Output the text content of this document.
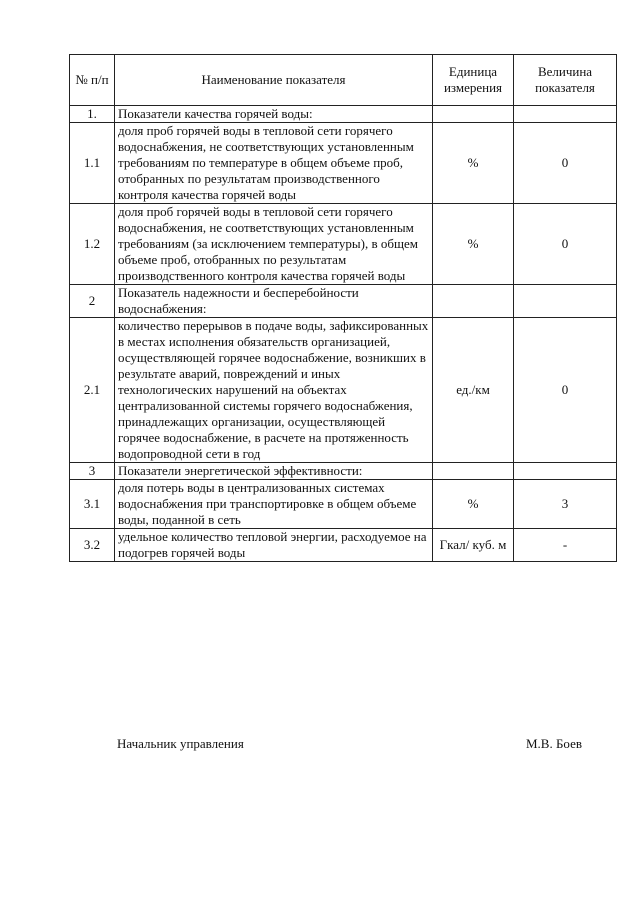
№ п/п	Наименование показателя	Единица измерения	Величина показателя
1.	Показатели качества горячей воды:		
1.1	доля проб горячей воды в тепловой сети горячего водоснабжения, не соответствующих установленным требованиям по температуре в общем объеме проб, отобранных по результатам производственного контроля качества горячей воды	%	0
1.2	доля проб горячей воды в тепловой сети горячего водоснабжения, не соответствующих установленным требованиям (за исключением температуры), в общем объеме проб, отобранных по результатам производственного контроля качества горячей воды	%	0
2	Показатель надежности и бесперебойности водоснабжения:		
2.1	количество перерывов в подаче воды, зафиксированных в местах исполнения обязательств организацией, осуществляющей горячее водоснабжение, возникших в результате аварий, повреждений и иных технологических нарушений на объектах централизованной системы горячего водоснабжения, принадлежащих организации, осуществляющей горячее водоснабжение, в расчете на протяженность водопроводной сети в год	ед./км	0
3	Показатели энергетической эффективности:		
3.1	доля потерь воды в централизованных системах водоснабжения при транспортировке в общем объеме воды, поданной в сеть	%	3
3.2	удельное количество тепловой энергии, расходуемое на подогрев горячей воды	Гкал/ куб. м	-
Начальник управления	М.В. Боев
